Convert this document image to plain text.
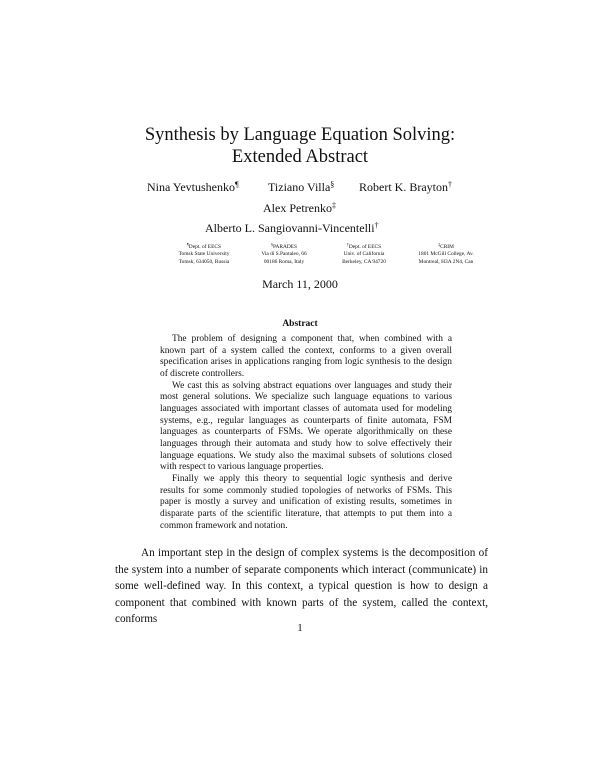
Synthesis by Language Equation Solving:
Extended Abstract
Nina Yevtushenko¶ Tiziano Villa§ Robert K. Brayton†
Alex Petrenko‡
Alberto L. Sangiovanni-Vincentelli†
¶Dept. of EECS
Tomsk State University
Tomsk, 634050, Russia
§PARADES
Via di S.Pantaleo, 66
00186 Roma, Italy
†Dept. of EECS
Univ. of California
Berkeley, CA 94720
‡CRIM
1801 McGill College, Av.
Montreal, H3A 2N4, Can
March 11, 2000
Abstract

The problem of designing a component that, when combined with a known part of a system called the context, conforms to a given overall specification arises in applications ranging from logic synthesis to the design of discrete controllers.

We cast this as solving abstract equations over languages and study their most general solutions. We specialize such language equations to various languages associated with important classes of automata used for modeling systems, e.g., regular languages as counterparts of finite automata, FSM languages as counterparts of FSMs. We operate algorithmically on these languages through their automata and study how to solve effectively their language equations. We study also the maximal subsets of solutions closed with respect to various language properties.

Finally we apply this theory to sequential logic synthesis and derive results for some commonly studied topologies of networks of FSMs. This paper is mostly a survey and unification of existing results, sometimes in disparate parts of the scientific literature, that attempts to put them into a common framework and notation.

An important step in the design of complex systems is the decomposition of the system into a number of separate components which interact (communicate) in some well-defined way. In this context, a typical question is how to design a component that combined with known parts of the system, called the context, conforms

1
